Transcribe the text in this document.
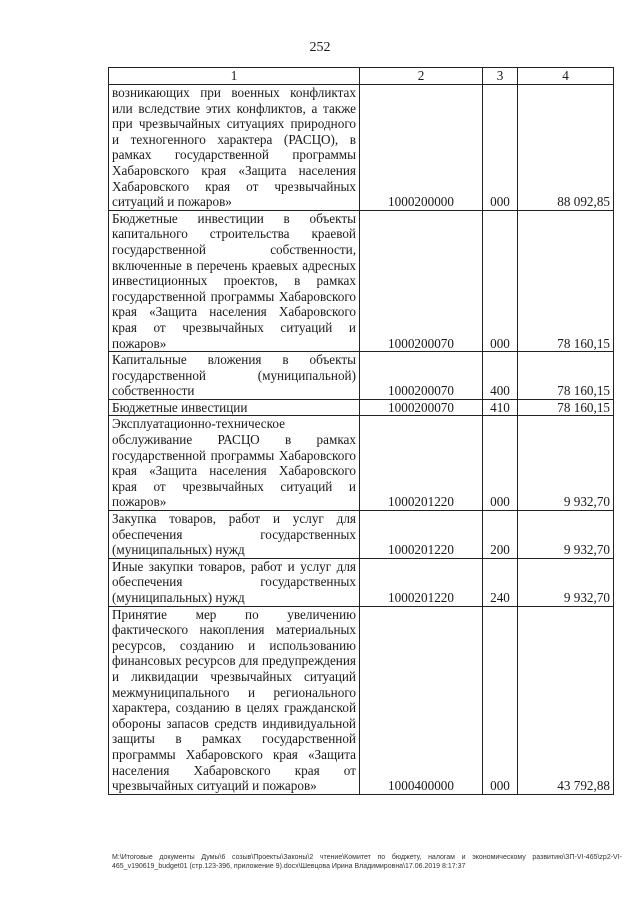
252
1	2	3	4
возникающих при военных конфликтах или вследствие этих конфликтов, а также при чрезвычайных ситуациях природного и техногенного характера (РАСЦО), в рамках государственной программы Хабаровского края «Защита населения Хабаровского края от чрезвычайных ситуаций и пожаров»	1000200000	000	88 092,85
Бюджетные инвестиции в объекты капитального строительства краевой государственной собственности, включенные в перечень краевых адресных инвестиционных проектов, в рамках государственной программы Хабаровского края «Защита населения Хабаровского края от чрезвычайных ситуаций и пожаров»	1000200070	000	78 160,15
Капитальные вложения в объекты государственной (муниципальной) собственности	1000200070	400	78 160,15
Бюджетные инвестиции	1000200070	410	78 160,15
Эксплуатационно-техническое обслуживание РАСЦО в рамках государственной программы Хабаровского края «Защита населения Хабаровского края от чрезвычайных ситуаций и пожаров»	1000201220	000	9 932,70
Закупка товаров, работ и услуг для обеспечения государственных (муниципальных) нужд	1000201220	200	9 932,70
Иные закупки товаров, работ и услуг для обеспечения государственных (муниципальных) нужд	1000201220	240	9 932,70
Принятие мер по увеличению фактического накопления материальных ресурсов, созданию и использованию финансовых ресурсов для предупреждения и ликвидации чрезвычайных ситуаций межмуниципального и регионального характера, созданию в целях гражданской обороны запасов средств индивидуальной защиты в рамках государственной программы Хабаровского края «Защита населения Хабаровского края от чрезвычайных ситуаций и пожаров»	1000400000	000	43 792,88
M:\Итоговые документы Думы\6 созыв\Проекты\Законы\2 чтение\Комитет по бюджету, налогам и экономическому развитию\ЗП-VI-465\zp2-VI-465_v190619_budget01 (стр.123-396, приложение 9).docx\Шевцова Ирина Владимировна\17.06.2019 8:17:37
